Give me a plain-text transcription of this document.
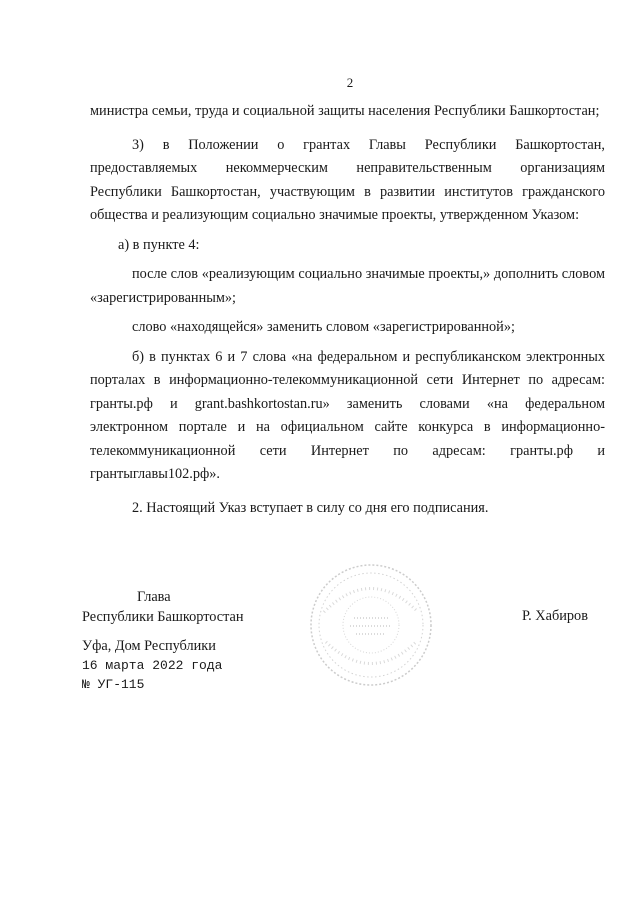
2

министра семьи, труда и социальной защиты населения Республики Башкортостан;

3) в Положении о грантах Главы Республики Башкортостан, предоставляемых некоммерческим неправительственным организациям Республики Башкортостан, участвующим в развитии институтов гражданского общества и реализующим социально значимые проекты, утвержденном Указом:

а) в пункте 4:

после слов «реализующим социально значимые проекты,» дополнить словом «зарегистрированным»;

слово «находящейся» заменить словом «зарегистрированной»;

б) в пунктах 6 и 7 слова «на федеральном и республиканском электронных порталах в информационно-телекоммуникационной сети Интернет по адресам: гранты.рф и grant.bashkortostan.ru» заменить словами «на федеральном электронном портале и на официальном сайте конкурса в информационно-телекоммуникационной сети Интернет по адресам: гранты.рф и грантыглавы102.рф».

2. Настоящий Указ вступает в силу со дня его подписания.

Глава
Республики Башкортостан	Р. Хабиров
Уфа, Дом Республики
16 марта 2022 года
№ УГ-115
